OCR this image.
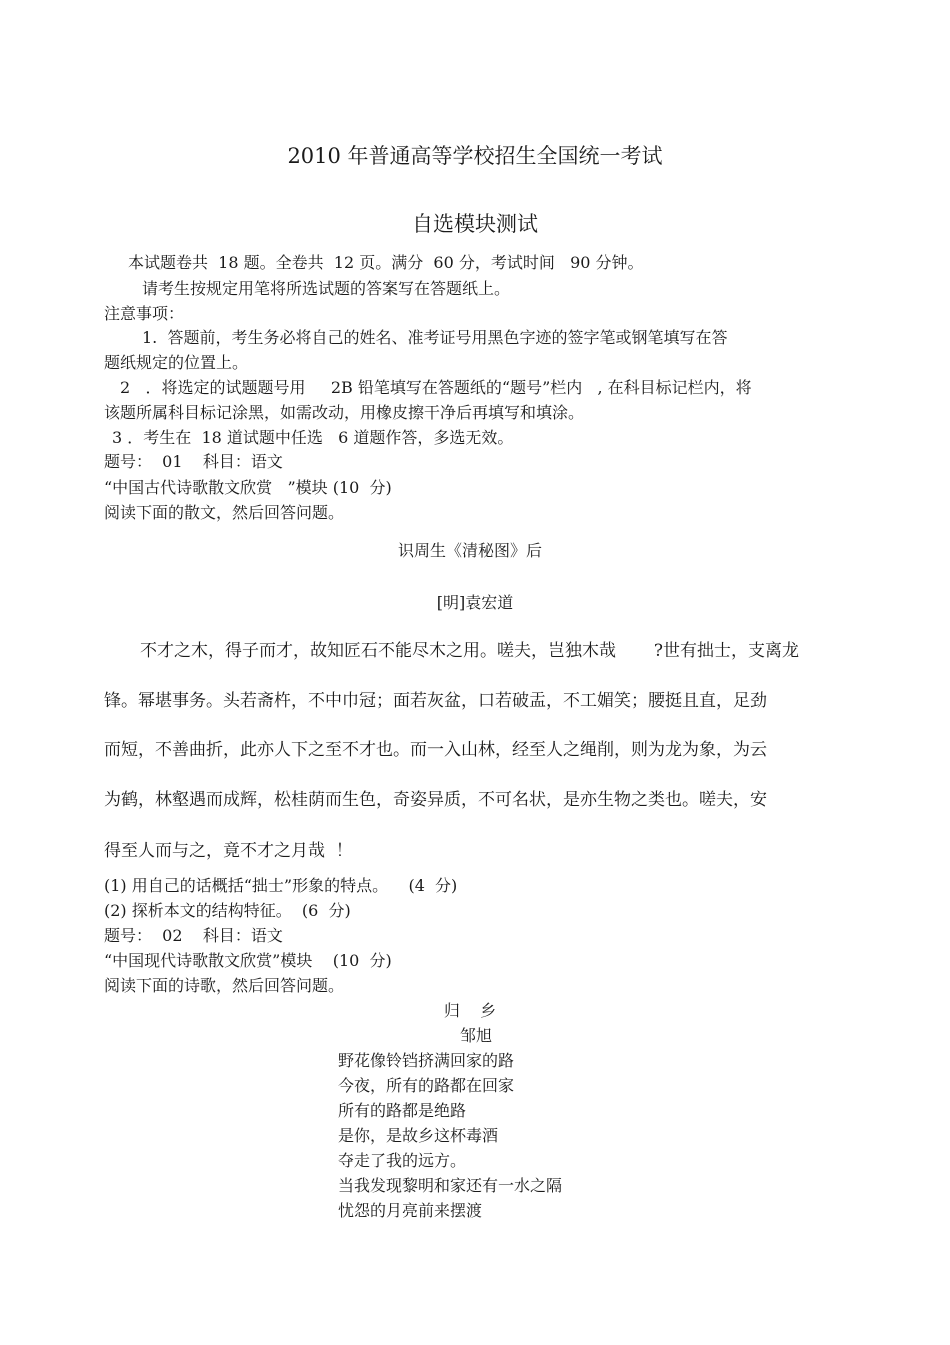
2010 年普通高等学校招生全国统一考试
自选模块测试
本试题卷共  18 题。全卷共  12 页。满分  60 分，考试时间   90 分钟。
请考生按规定用笔将所选试题的答案写在答题纸上。
注意事项：
1.  答题前，考生务必将自己的姓名、准考证号用黑色字迹的签字笔或钢笔填写在答
题纸规定的位置上。
2   ．将选定的试题题号用     2B 铅笔填写在答题纸的“题号”栏内   , 在科目标记栏内，将
该题所属科目标记涂黑，如需改动，用橡皮擦干净后再填写和填涂。
3 ．考生在  18 道试题中任选   6 道题作答，多选无效。
题号：  01    科目：语文
“中国古代诗歌散文欣赏   ”模块 (10  分)
阅读下面的散文，然后回答问题。
识周生《清秘图》后
[明]袁宏道
不才之木，得子而才，故知匠石不能尽木之用。嗟夫，岂独木哉       ?世有拙士，支离龙
锋。幂堪事务。头若斋杵，不中巾冠；面若灰盆，口若破盂，不工媚笑；腰挺且直，足劲
而短，不善曲折，此亦人下之至不才也。而一入山林，经至人之绳削，则为龙为象，为云
为鹤，林壑遇而成辉，松桂荫而生色，奇姿异质，不可名状，是亦生物之类也。嗟夫，安
得至人而与之，竟不才之月哉  ！
(1) 用自己的话概括“拙士”形象的特点。    (4  分)
(2) 探析本文的结构特征。  (6  分)
题号：  02    科目：语文
“中国现代诗歌散文欣赏”模块    (10  分)
阅读下面的诗歌，然后回答问题。
归    乡
邹旭
野花像铃铛挤满回家的路
今夜，所有的路都在回家
所有的路都是绝路
是你，是故乡这杯毒酒
夺走了我的远方。
当我发现黎明和家还有一水之隔
忧怨的月亮前来摆渡
